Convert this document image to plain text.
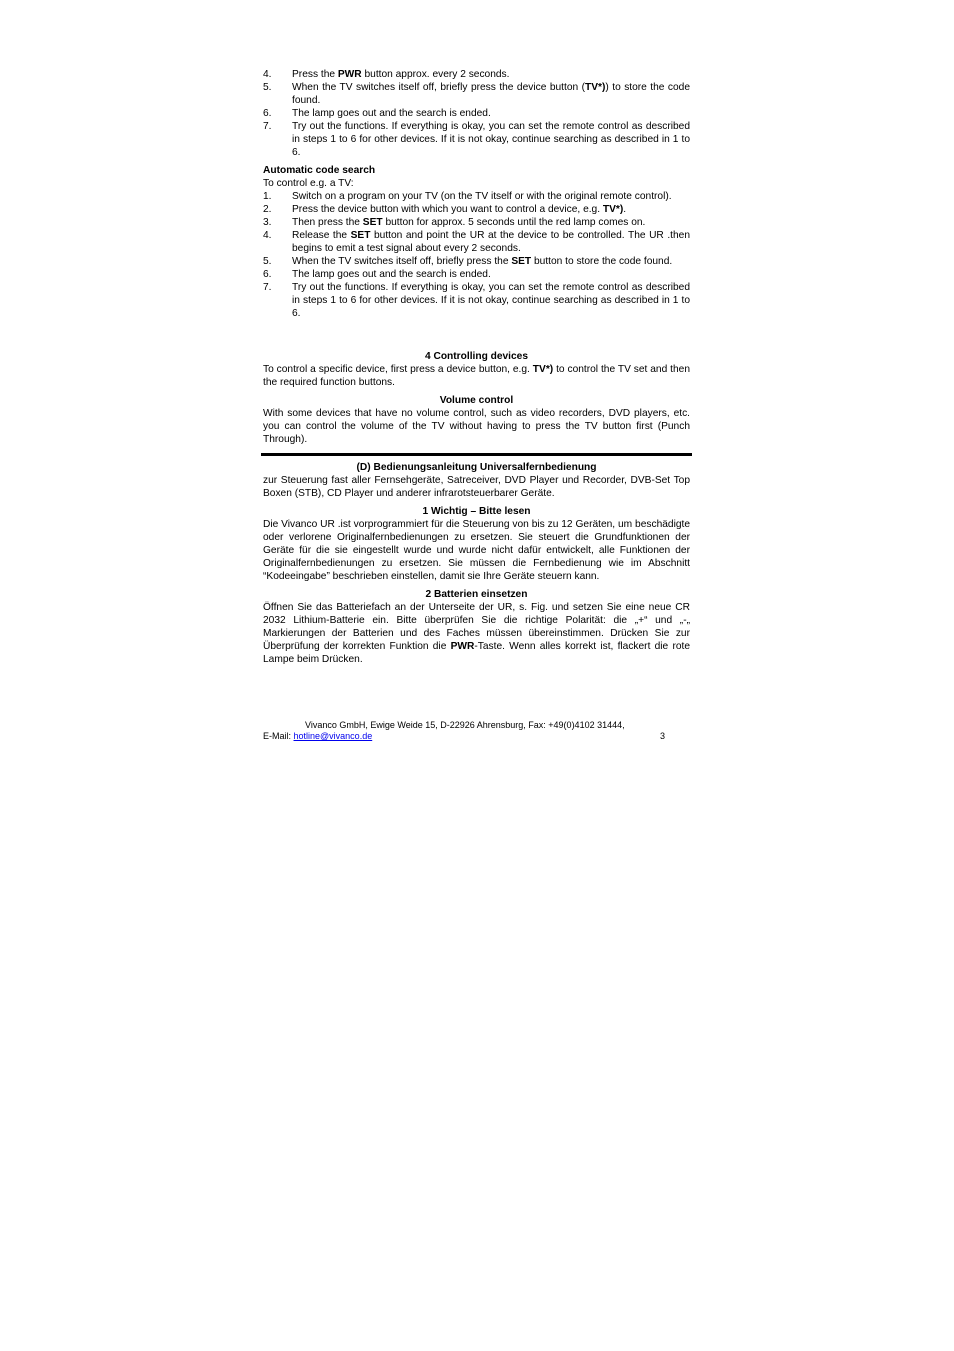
4. Press the PWR button approx. every 2 seconds.
5. When the TV switches itself off, briefly press the device button (TV*)) to store the code found.
6. The lamp goes out and the search is ended.
7. Try out the functions. If everything is okay, you can set the remote control as described in steps 1 to 6 for other devices. If it is not okay, continue searching as described in 1 to 6.
Automatic code search
To control e.g. a TV:
1. Switch on a program on your TV (on the TV itself or with the original remote control).
2. Press the device button with which you want to control a device, e.g. TV*).
3. Then press the SET button for approx. 5 seconds until the red lamp comes on.
4. Release the SET button and point the UR at the device to be controlled. The UR .then begins to emit a test signal about every 2 seconds.
5. When the TV switches itself off, briefly press the SET button to store the code found.
6. The lamp goes out and the search is ended.
7. Try out the functions. If everything is okay, you can set the remote control as described in steps 1 to 6 for other devices. If it is not okay, continue searching as described in 1 to 6.
4 Controlling devices
To control a specific device, first press a device button, e.g. TV*) to control the TV set and then the required function buttons.
Volume control
With some devices that have no volume control, such as video recorders, DVD players, etc. you can control the volume of the TV without having to press the TV button first (Punch Through).
(D) Bedienungsanleitung Universalfernbedienung
zur Steuerung fast aller Fernsehgeräte, Satreceiver, DVD Player und Recorder, DVB-Set Top Boxen (STB), CD Player und anderer infrarotsteuerbarer Geräte.
1 Wichtig – Bitte lesen
Die Vivanco UR .ist vorprogrammiert für die Steuerung von bis zu 12 Geräten, um beschädigte oder verlorene Originalfernbedienungen zu ersetzen. Sie steuert die Grundfunktionen der Geräte für die sie eingestellt wurde und wurde nicht dafür entwickelt, alle Funktionen der Originalfernbedienungen zu ersetzen. Sie müssen die Fernbedienung wie im Abschnitt “Kodeeingabe” beschrieben einstellen, damit sie Ihre Geräte steuern kann.
2 Batterien einsetzen
Öffnen Sie das Batteriefach an der Unterseite der UR, s. Fig. und setzen Sie eine neue CR 2032 Lithium-Batterie ein. Bitte überprüfen Sie die richtige Polarität: die „+“ und „-„ Markierungen der Batterien und des Faches müssen übereinstimmen. Drücken Sie zur Überprüfung der korrekten Funktion die PWR-Taste. Wenn alles korrekt ist, flackert die rote Lampe beim Drücken.
Vivanco GmbH, Ewige Weide 15, D-22926 Ahrensburg, Fax: +49(0)4102 31444,
E-Mail: hotline@vivanco.de	3
